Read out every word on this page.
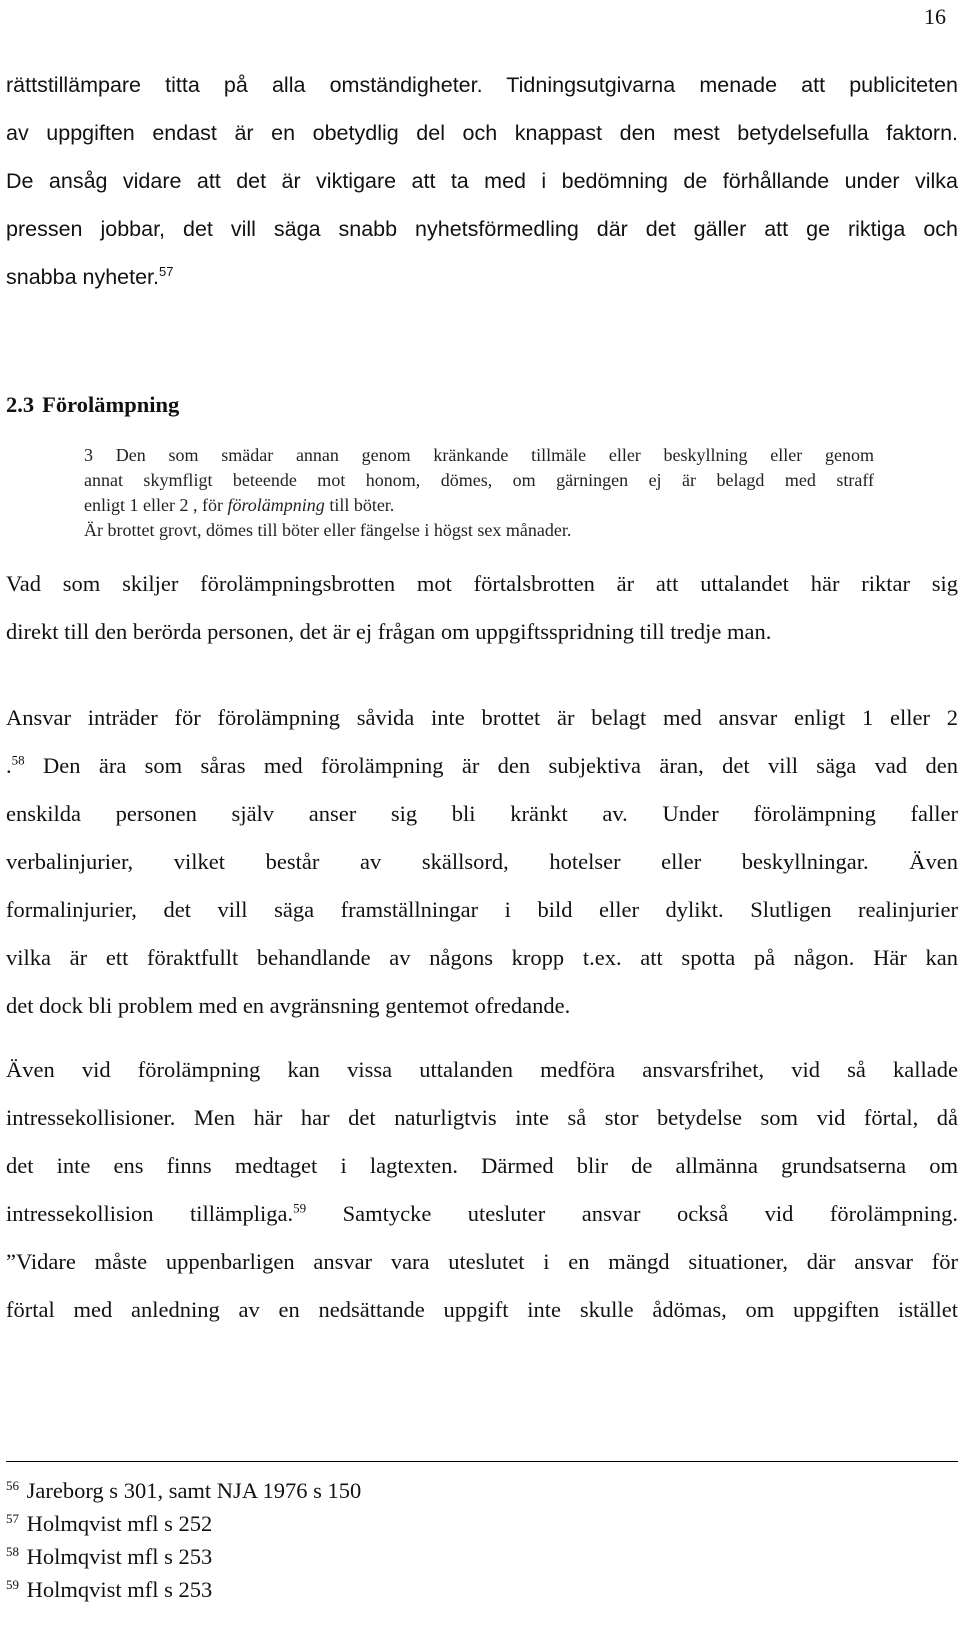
16
rättstillämpare titta på alla omständigheter. Tidningsutgivarna menade att publiciteten
av uppgiften endast är en obetydlig del och knappast den mest betydelsefulla faktorn.
De ansåg vidare att det är viktigare att ta med i bedömning de förhållande under vilka
pressen jobbar, det vill säga snabb nyhetsförmedling där det gäller att ge riktiga och
snabba nyheter.$^{57}$
2.3 Förolämpning
3 Den som smädar annan genom kränkande tillmäle eller beskyllning eller genom
annat skymfligt beteende mot honom, dömes, om gärningen ej är belagd med straff
enligt 1 eller 2 , för förolämpning till böter.
Är brottet grovt, dömes till böter eller fängelse i högst sex månader.
Vad som skiljer förolämpningsbrotten mot förtalsbrotten är att uttalandet här riktar sig
direkt till den berörda personen, det är ej frågan om uppgiftsspridning till tredje man.
Ansvar inträder för förolämpning såvida inte brottet är belagt med ansvar enligt 1 eller 2
.$^{58}$ Den ära som såras med förolämpning är den subjektiva äran, det vill säga vad den
enskilda personen själv anser sig bli kränkt av. Under förolämpning faller
verbalinjurier, vilket består av skällsord, hotelser eller beskyllningar. Även
formalinjurier, det vill säga framställningar i bild eller dylikt. Slutligen realinjurier
vilka är ett föraktfullt behandlande av någons kropp t.ex. att spotta på någon. Här kan
det dock bli problem med en avgränsning gentemot ofredande.
Även vid förolämpning kan vissa uttalanden medföra ansvarsfrihet, vid så kallade
intressekollisioner. Men här har det naturligtvis inte så stor betydelse som vid förtal, då
det inte ens finns medtaget i lagtexten. Därmed blir de allmänna grundsatserna om
intressekollision tillämpliga.$^{59}$ Samtycke utesluter ansvar också vid förolämpning.
”Vidare måste uppenbarligen ansvar vara uteslutet i en mängd situationer, där ansvar för
förtal med anledning av en nedsättande uppgift inte skulle ådömas, om uppgiften istället
$^{56}$ Jareborg s 301, samt NJA 1976 s 150
$^{57}$ Holmqvist mfl s 252
$^{58}$ Holmqvist mfl s 253
$^{59}$ Holmqvist mfl s 253
